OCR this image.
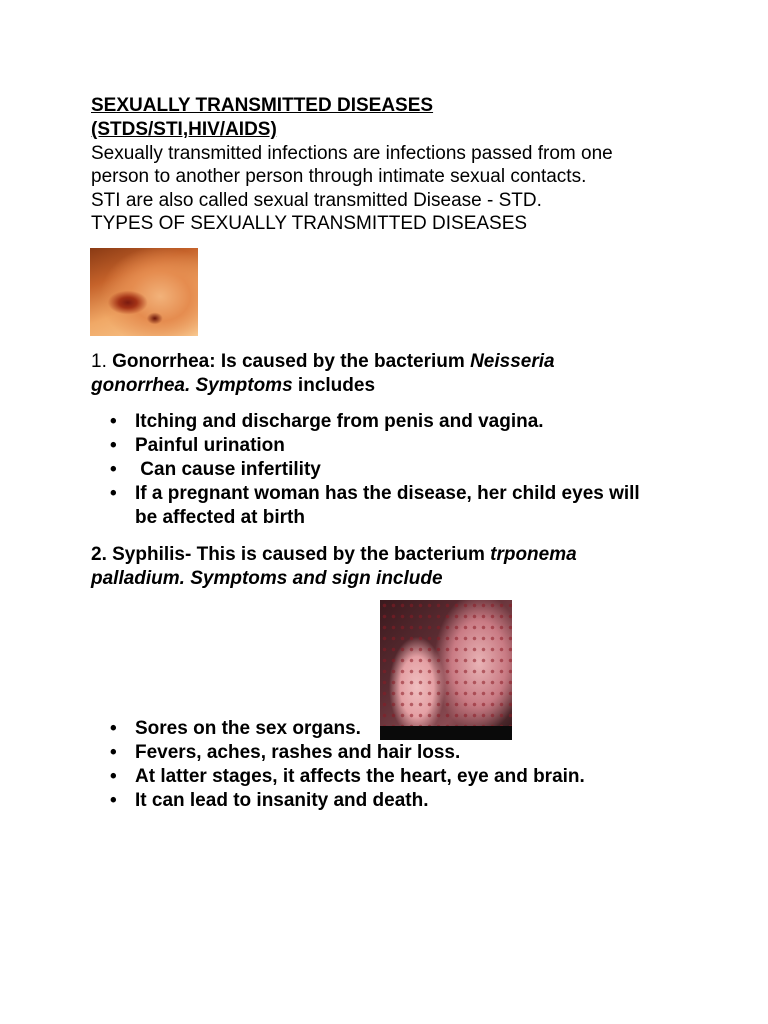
SEXUALLY TRANSMITTED DISEASES
(STDS/STI,HIV/AIDS)
Sexually transmitted infections are infections passed from one
person to another person through intimate sexual contacts.
STI are also called sexual transmitted Disease - STD.
TYPES OF SEXUALLY TRANSMITTED DISEASES
1. Gonorrhea: Is caused by the bacterium Neisseria
gonorrhea. Symptoms includes
• Itching and discharge from penis and vagina.
• Painful urination
• Can cause infertility
• If a pregnant woman has the disease, her child eyes will
be affected at birth
2. Syphilis- This is caused by the bacterium trponema
palladium. Symptoms and sign include
• Sores on the sex organs.
• Fevers, aches, rashes and hair loss.
• At latter stages, it affects the heart, eye and brain.
• It can lead to insanity and death.
